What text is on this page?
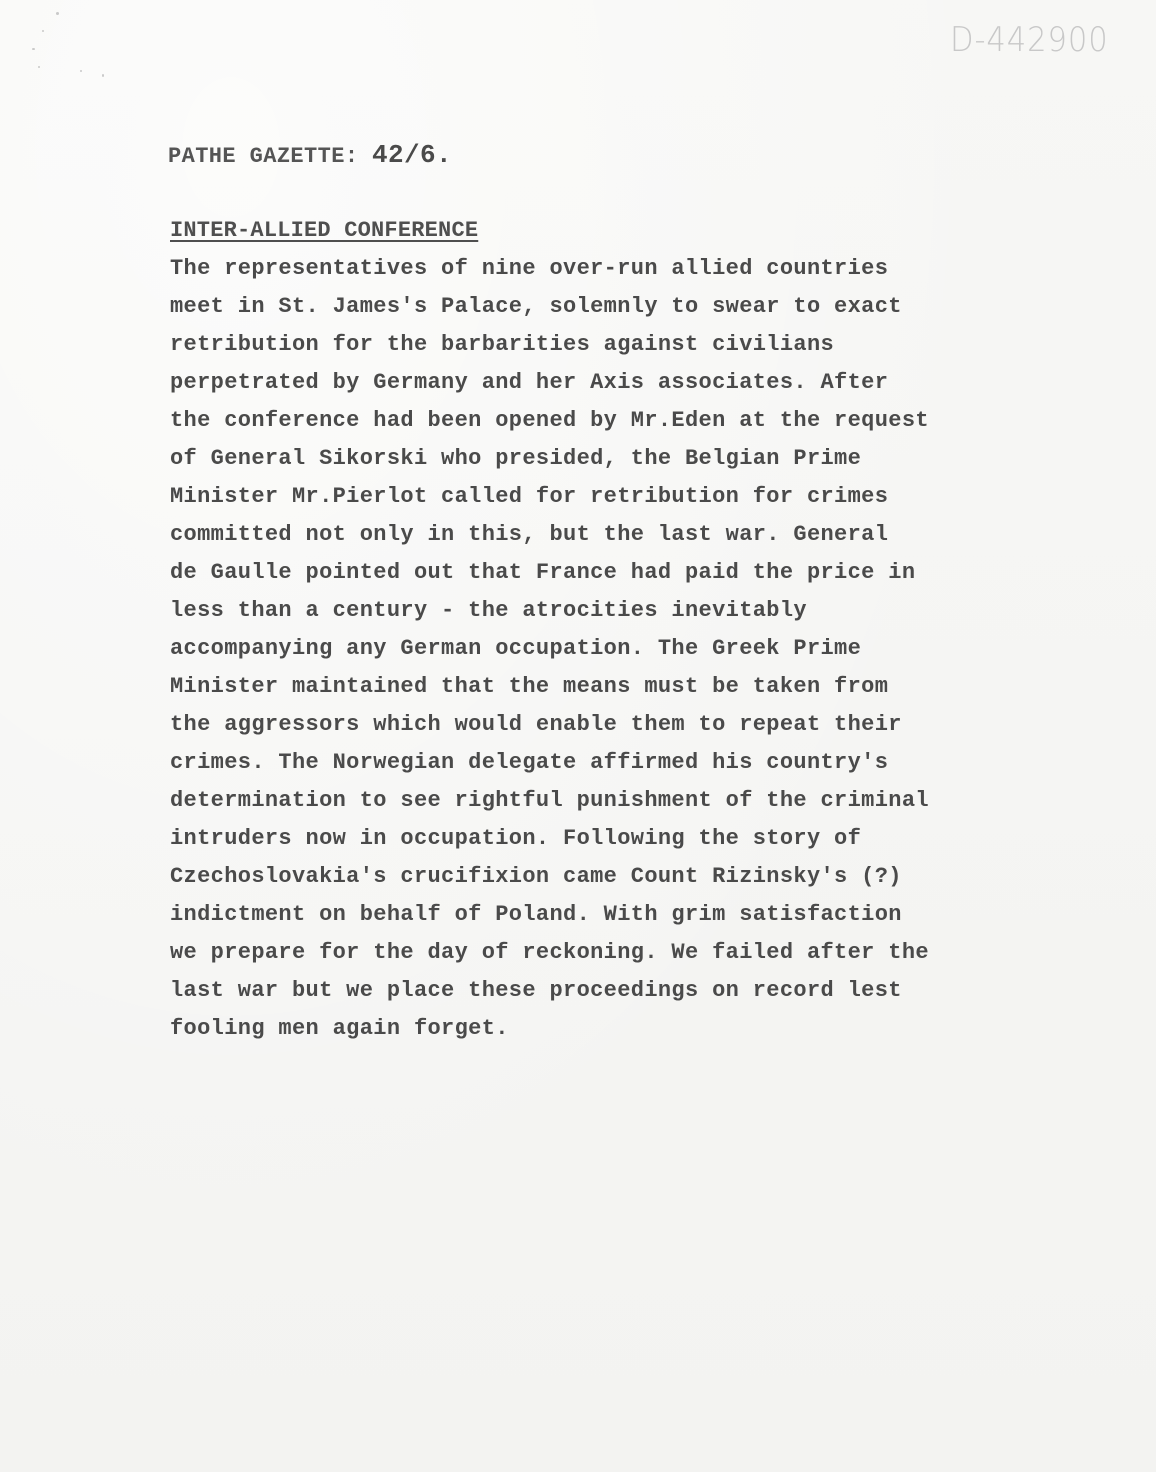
D-442900
PATHE GAZETTE: 42/6.
INTER-ALLIED CONFERENCE
The representatives of nine over-run allied countries
meet in St. James's Palace, solemnly to swear to exact
retribution for the barbarities against civilians
perpetrated by Germany and her Axis associates. After
the conference had been opened by Mr.Eden at the request
of General Sikorski who presided, the Belgian Prime
Minister Mr.Pierlot called for retribution for crimes
committed not only in this, but the last war. General
de Gaulle pointed out that France had paid the price in
less than a century - the atrocities inevitably
accompanying any German occupation. The Greek Prime
Minister maintained that the means must be taken from
the aggressors which would enable them to repeat their
crimes. The Norwegian delegate affirmed his country's
determination to see rightful punishment of the criminal
intruders now in occupation. Following the story of
Czechoslovakia's crucifixion came Count Rizinsky's (?)
indictment on behalf of Poland. With grim satisfaction
we prepare for the day of reckoning. We failed after the
last war but we place these proceedings on record lest
fooling men again forget.
